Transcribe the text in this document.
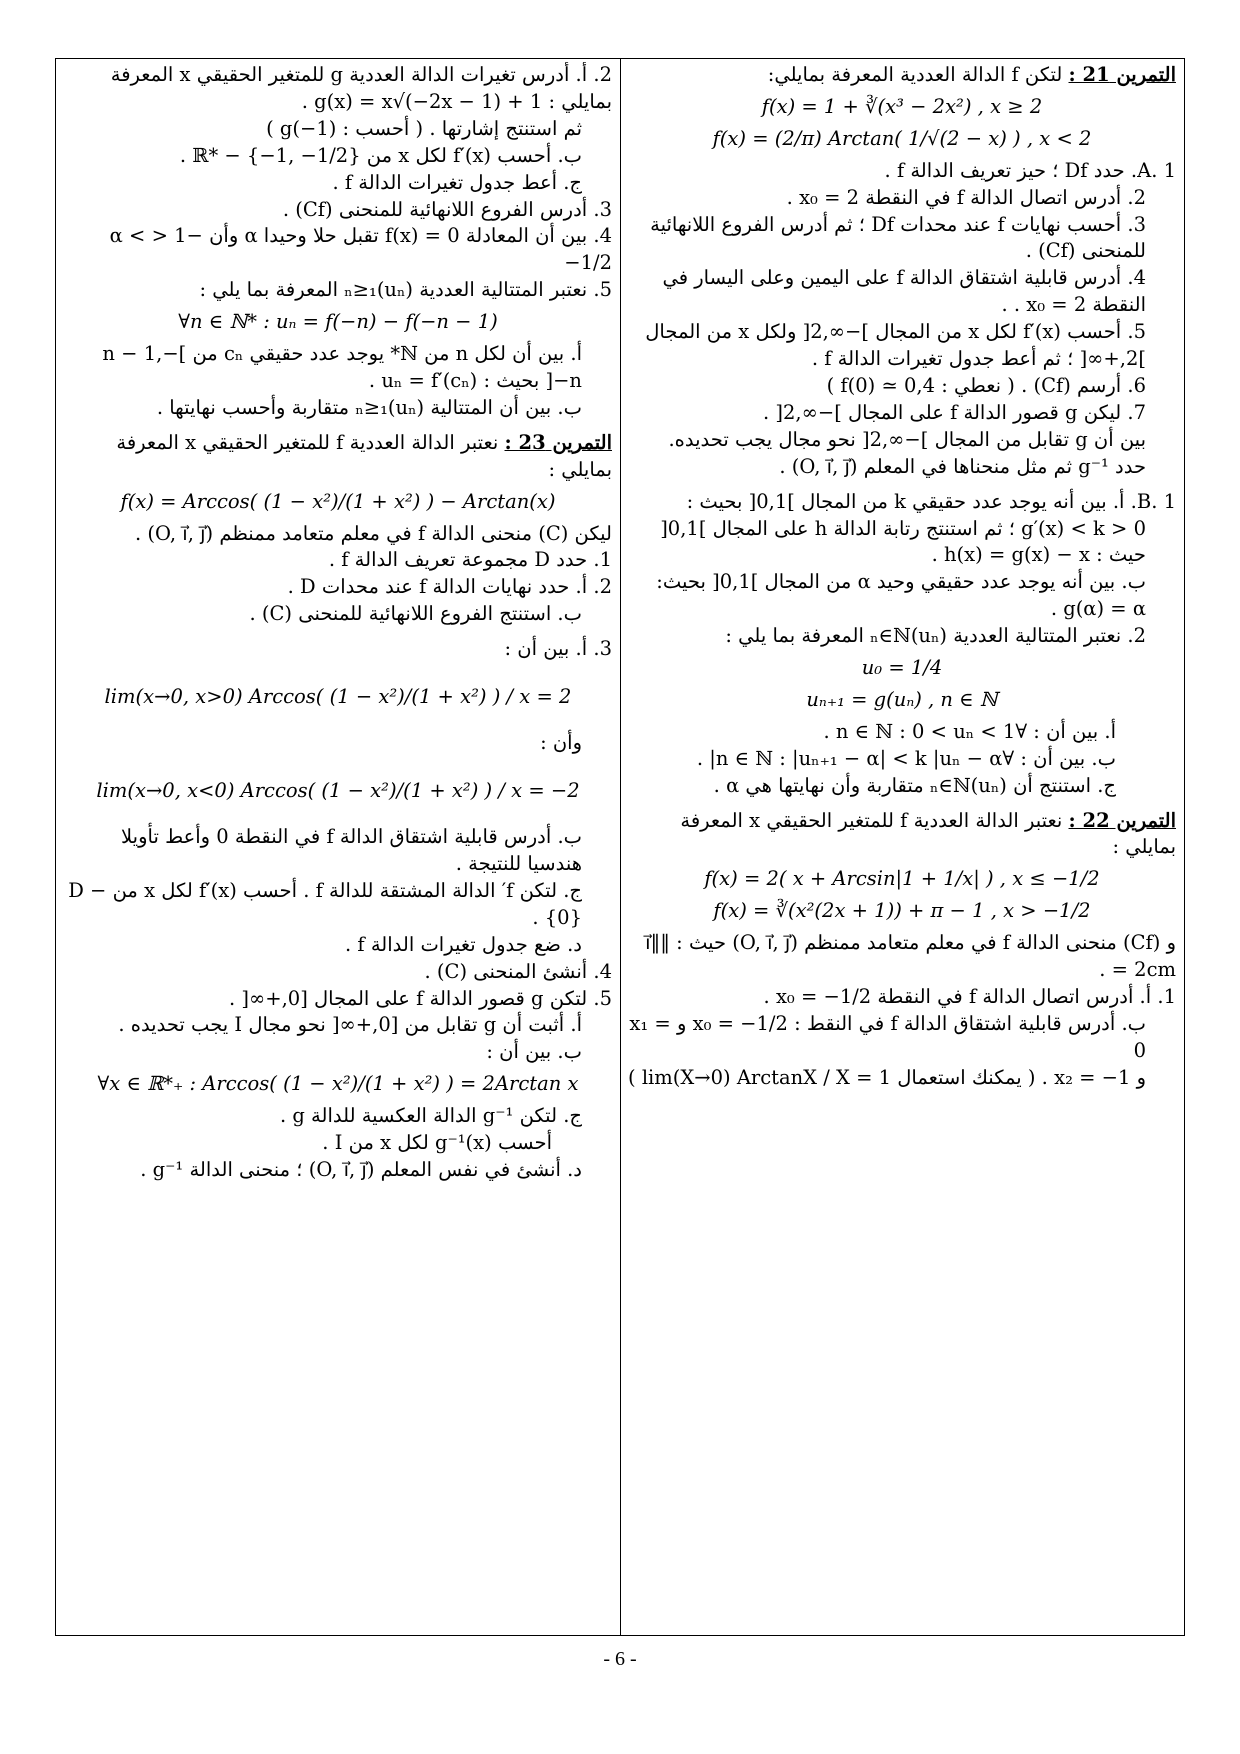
التمرين 21 : لتكن f الدالة العددية المعرفة بمايلي:

f(x) = 1 + ∛(x³ − 2x²) , x ≥ 2
f(x) = (2/π) Arctan( 1/√(2 − x) ) , x < 2

A. 1. حدد Df ؛ حيز تعريف الدالة f .

2. أدرس اتصال الدالة f في النقطة x₀ = 2 .

3. أحسب نهايات f عند محدات Df ؛ ثم أدرس الفروع اللانهائية للمنحنى (Cf) .

4. أدرس قابلية اشتقاق الدالة f على اليمين وعلى اليسار في النقطة x₀ = 2 . .

5. أحسب f′(x) لكل x من المجال ]−∞,2[ ولكل x من المجال ]2,+∞[ ؛ ثم أعط جدول تغيرات الدالة f .

6. أرسم (Cf) . ( نعطي : f(0) ≃ 0,4 )

7. ليكن g قصور الدالة f على المجال ]−∞,2[ .

بين أن g تقابل من المجال ]−∞,2[ نحو مجال يجب تحديده.

حدد g⁻¹ ثم مثل منحناها في المعلم (O, i⃗, j⃗) .

B. 1. أ. بين أنه يوجد عدد حقيقي k من المجال ]0,1[ بحيث :

0 < g′(x) < k ؛ ثم استنتج رتابة الدالة h على المجال ]0,1[ حيث : h(x) = g(x) − x .

ب. بين أنه يوجد عدد حقيقي وحيد α من المجال ]0,1[ بحيث: g(α) = α .

2. نعتبر المتتالية العددية (uₙ)ₙ∈ℕ المعرفة بما يلي :

u₀ = 1/4
uₙ₊₁ = g(uₙ) , n ∈ ℕ

أ. بين أن : ∀n ∈ ℕ : 0 < uₙ < 1 .

ب. بين أن : ∀n ∈ ℕ : |uₙ₊₁ − α| < k |uₙ − α| .

ج. استنتج أن (uₙ)ₙ∈ℕ متقاربة وأن نهايتها هي α .

التمرين 22 : نعتبر الدالة العددية f للمتغير الحقيقي x المعرفة بمايلي :

f(x) = 2( x + Arcsin|1 + 1/x| ) , x ≤ −1/2
f(x) = ∛(x²(2x + 1)) + π − 1 , x > −1/2

و (Cf) منحنى الدالة f في معلم متعامد ممنظم (O, i⃗, j⃗) حيث : ‖i⃗‖ = 2cm .

1. أ. أدرس اتصال الدالة f في النقطة x₀ = −1/2 .

ب. أدرس قابلية اشتقاق الدالة f في النقط : x₀ = −1/2 و x₁ = 0

و x₂ = −1 . ( يمكنك استعمال lim(X→0) ArctanX / X = 1 )

2. أ. أدرس تغيرات الدالة العددية g للمتغير الحقيقي x المعرفة بمايلي : g(x) = x√(−2x − 1) + 1 .

ثم استنتج إشارتها . ( أحسب : g(−1) )

ب. أحسب f′(x) لكل x من ℝ* − {−1, −1/2} .

ج. أعط جدول تغيرات الدالة f .

3. أدرس الفروع اللانهائية للمنحنى (Cf) .

4. بين أن المعادلة f(x) = 0 تقبل حلا وحيدا α وأن −1 < α < −1/2

5. نعتبر المتتالية العددية (uₙ)ₙ≥₁ المعرفة بما يلي :

∀n ∈ ℕ* : uₙ = f(−n) − f(−n − 1)

أ. بين أن لكل n من ℕ* يوجد عدد حقيقي cₙ من ]−n − 1, −n[ بحيث : uₙ = f′(cₙ) .

ب. بين أن المتتالية (uₙ)ₙ≥₁ متقاربة وأحسب نهايتها .

التمرين 23 : نعتبر الدالة العددية f للمتغير الحقيقي x المعرفة بمايلي :

f(x) = Arccos( (1 − x²)/(1 + x²) ) − Arctan(x)

ليكن (C) منحنى الدالة f في معلم متعامد ممنظم (O, i⃗, j⃗) .

1. حدد D مجموعة تعريف الدالة f .

2. أ. حدد نهايات الدالة f عند محدات D .

ب. استنتج الفروع اللانهائية للمنحنى (C) .

3. أ. بين أن :

lim(x→0, x>0) Arccos( (1 − x²)/(1 + x²) ) / x = 2

وأن :

lim(x→0, x<0) Arccos( (1 − x²)/(1 + x²) ) / x = −2

ب. أدرس قابلية اشتقاق الدالة f في النقطة 0 وأعط تأويلا هندسيا للنتيجة .

ج. لتكن f′ الدالة المشتقة للدالة f . أحسب f′(x) لكل x من D − {0} .

د. ضع جدول تغيرات الدالة f .

4. أنشئ المنحنى (C) .

5. لتكن g قصور الدالة f على المجال [0,+∞[ .

أ. أثبت أن g تقابل من [0,+∞[ نحو مجال I يجب تحديده .

ب. بين أن :

∀x ∈ ℝ*₊ : Arccos( (1 − x²)/(1 + x²) ) = 2Arctan x

ج. لتكن g⁻¹ الدالة العكسية للدالة g .

أحسب g⁻¹(x) لكل x من I .

د. أنشئ في نفس المعلم (O, i⃗, j⃗) ؛ منحنى الدالة g⁻¹ .

- 6 -
